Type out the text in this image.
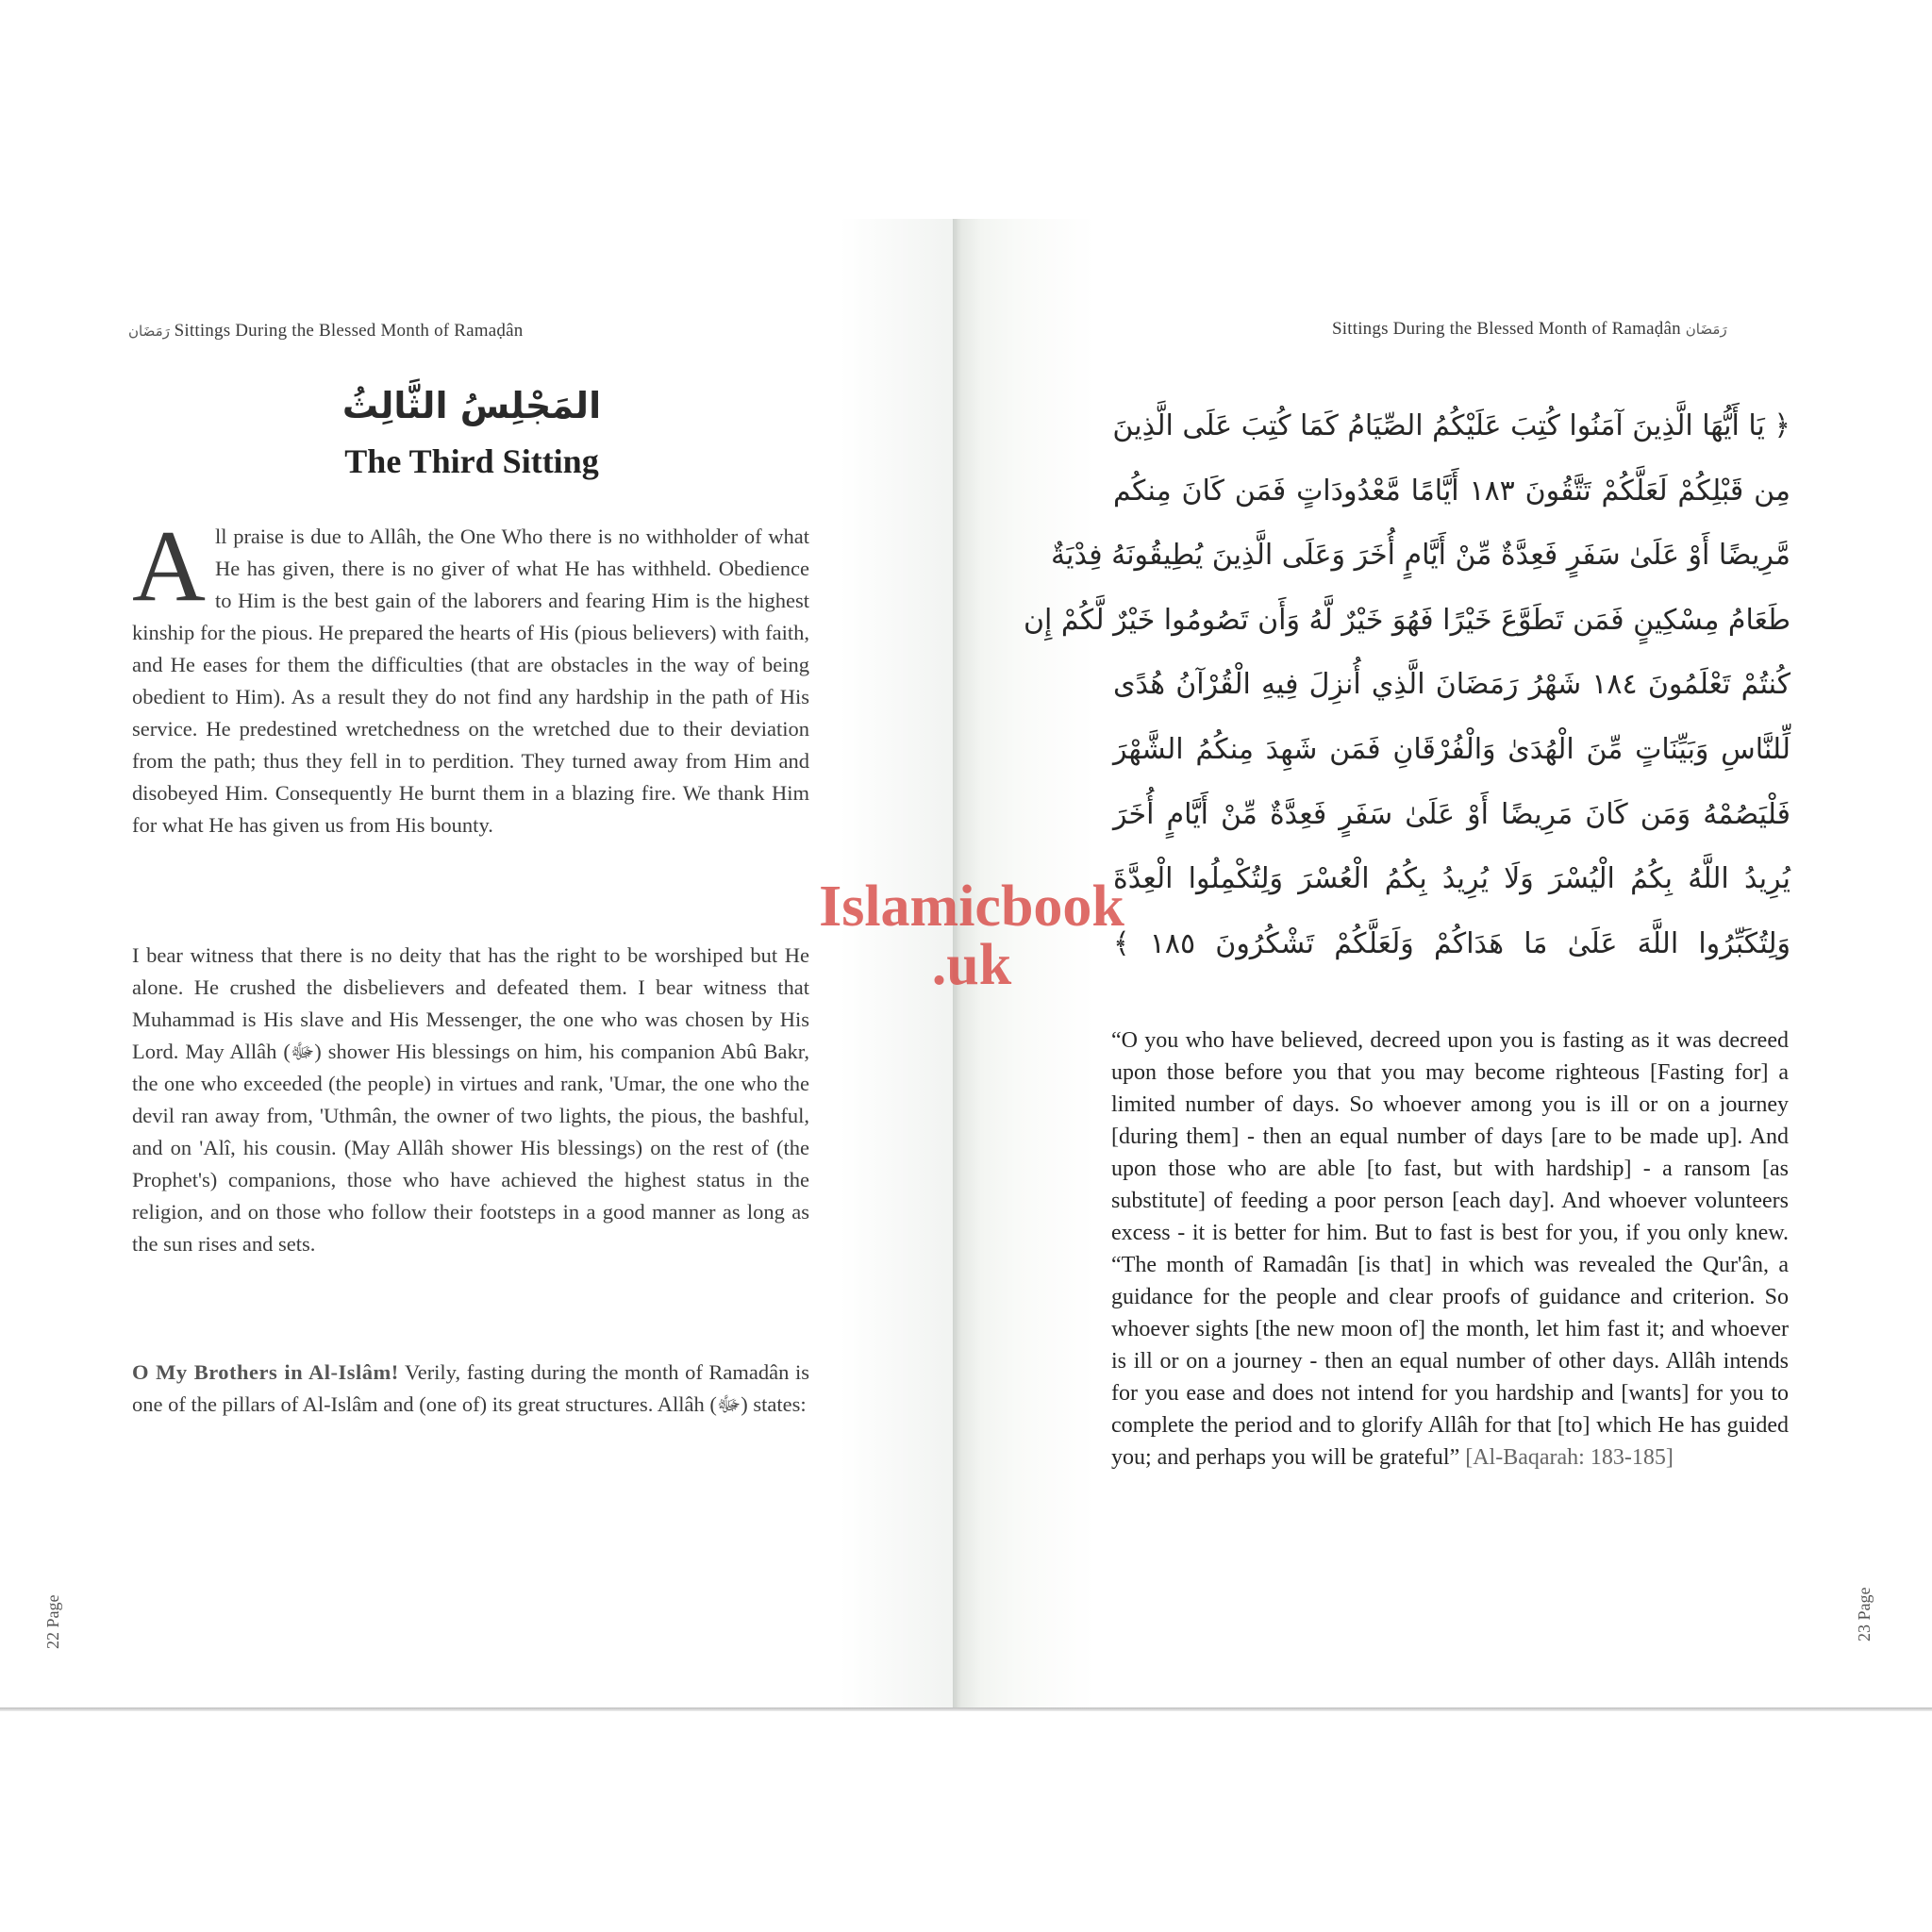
رَمَضَان Sittings During the Blessed Month of Ramaḍân
المَجْلِسُ الثَّالِثُ
The Third Sitting
A ll praise is due to Allâh, the One Who there is no withholder of what He has given, there is no giver of what He has withheld. Obedience to Him is the best gain of the laborers and fearing Him is the highest kinship for the pious. He prepared the hearts of His (pious believers) with faith, and He eases for them the difficulties (that are obstacles in the way of being obedient to Him). As a result they do not find any hardship in the path of His service. He predestined wretchedness on the wretched due to their deviation from the path; thus they fell in to perdition. They turned away from Him and disobeyed Him. Consequently He burnt them in a blazing fire. We thank Him for what He has given us from His bounty.
I bear witness that there is no deity that has the right to be worshiped but He alone. He crushed the disbelievers and defeated them. I bear witness that Muhammad is His slave and His Messenger, the one who was chosen by His Lord. May Allâh (ﷻ) shower His blessings on him, his companion Abû Bakr, the one who exceeded (the people) in virtues and rank, 'Umar, the one who the devil ran away from, 'Uthmân, the owner of two lights, the pious, the bashful, and on 'Alî, his cousin. (May Allâh shower His blessings) on the rest of (the Prophet's) companions, those who have achieved the highest status in the religion, and on those who follow their footsteps in a good manner as long as the sun rises and sets.
O My Brothers in Al-Islâm! Verily, fasting during the month of Ramadân is one of the pillars of Al-Islâm and (one of) its great structures. Allâh (ﷻ) states:
22 Page
Sittings During the Blessed Month of Ramaḍân رَمَضَان
﴿ يَا أَيُّهَا الَّذِينَ آمَنُوا كُتِبَ عَلَيْكُمُ الصِّيَامُ كَمَا كُتِبَ عَلَى الَّذِينَ
مِن قَبْلِكُمْ لَعَلَّكُمْ تَتَّقُونَ ١٨٣ أَيَّامًا مَّعْدُودَاتٍ فَمَن كَانَ مِنكُم
مَّرِيضًا أَوْ عَلَىٰ سَفَرٍ فَعِدَّةٌ مِّنْ أَيَّامٍ أُخَرَ وَعَلَى الَّذِينَ يُطِيقُونَهُ فِدْيَةٌ
طَعَامُ مِسْكِينٍ فَمَن تَطَوَّعَ خَيْرًا فَهُوَ خَيْرٌ لَّهُ وَأَن تَصُومُوا خَيْرٌ لَّكُمْ إِن
كُنتُمْ تَعْلَمُونَ ١٨٤ شَهْرُ رَمَضَانَ الَّذِي أُنزِلَ فِيهِ الْقُرْآنُ هُدًى
لِّلنَّاسِ وَبَيِّنَاتٍ مِّنَ الْهُدَىٰ وَالْفُرْقَانِ فَمَن شَهِدَ مِنكُمُ الشَّهْرَ
فَلْيَصُمْهُ وَمَن كَانَ مَرِيضًا أَوْ عَلَىٰ سَفَرٍ فَعِدَّةٌ مِّنْ أَيَّامٍ أُخَرَ
يُرِيدُ اللَّهُ بِكُمُ الْيُسْرَ وَلَا يُرِيدُ بِكُمُ الْعُسْرَ وَلِتُكْمِلُوا الْعِدَّةَ
وَلِتُكَبِّرُوا اللَّهَ عَلَىٰ مَا هَدَاكُمْ وَلَعَلَّكُمْ تَشْكُرُونَ ١٨٥ ﴾
“O you who have believed, decreed upon you is fasting as it was decreed upon those before you that you may become righteous [Fasting for] a limited number of days. So whoever among you is ill or on a journey [during them] - then an equal number of days [are to be made up]. And upon those who are able [to fast, but with hardship] - a ransom [as substitute] of feeding a poor person [each day]. And whoever volunteers excess - it is better for him. But to fast is best for you, if you only knew. “The month of Ramadân [is that] in which was revealed the Qur'ân, a guidance for the people and clear proofs of guidance and criterion. So whoever sights [the new moon of] the month, let him fast it; and whoever is ill or on a journey - then an equal number of other days. Allâh intends for you ease and does not intend for you hardship and [wants] for you to complete the period and to glorify Allâh for that [to] which He has guided you; and perhaps you will be grateful” [Al-Baqarah: 183-185]
23 Page
Islamicbook
.uk
